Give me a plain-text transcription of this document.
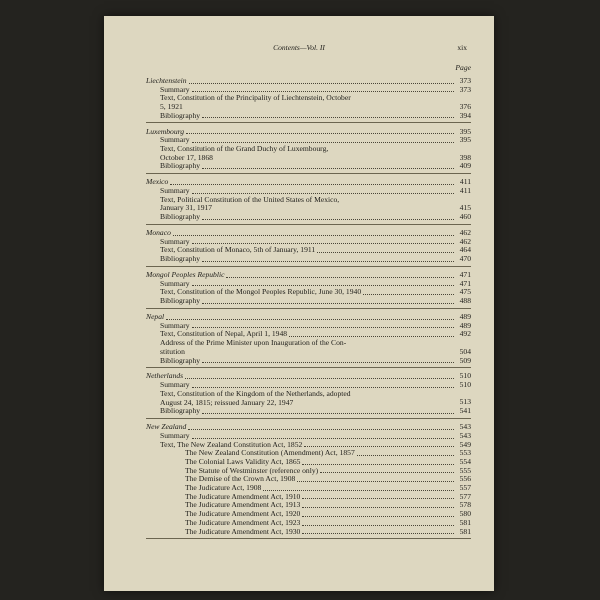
Contents—Vol. II	xix
Page
Liechtenstein	373
Summary	373
Text, Constitution of the Principality of Liechtenstein, October
5, 1921	376
Bibliography	394
Luxembourg	395
Summary	395
Text, Constitution of the Grand Duchy of Luxembourg,
October 17, 1868	398
Bibliography	409
Mexico	411
Summary	411
Text, Political Constitution of the United States of Mexico,
January 31, 1917	415
Bibliography	460
Monaco	462
Summary	462
Text, Constitution of Monaco, 5th of January, 1911	464
Bibliography	470
Mongol Peoples Republic	471
Summary	471
Text, Constitution of the Mongol Peoples Republic, June 30, 1940	475
Bibliography	488
Nepal	489
Summary	489
Text, Constitution of Nepal, April 1, 1948	492
Address of the Prime Minister upon Inauguration of the Con-
stitution	504
Bibliography	509
Netherlands	510
Summary	510
Text, Constitution of the Kingdom of the Netherlands, adopted
August 24, 1815; reissued January 22, 1947	513
Bibliography	541
New Zealand	543
Summary	543
Text, The New Zealand Constitution Act, 1852	549
The New Zealand Constitution (Amendment) Act, 1857	553
The Colonial Laws Validity Act, 1865	554
The Statute of Westminster (reference only)	555
The Demise of the Crown Act, 1908	556
The Judicature Act, 1908	557
The Judicature Amendment Act, 1910	577
The Judicature Amendment Act, 1913	578
The Judicature Amendment Act, 1920	580
The Judicature Amendment Act, 1923	581
The Judicature Amendment Act, 1930	581
